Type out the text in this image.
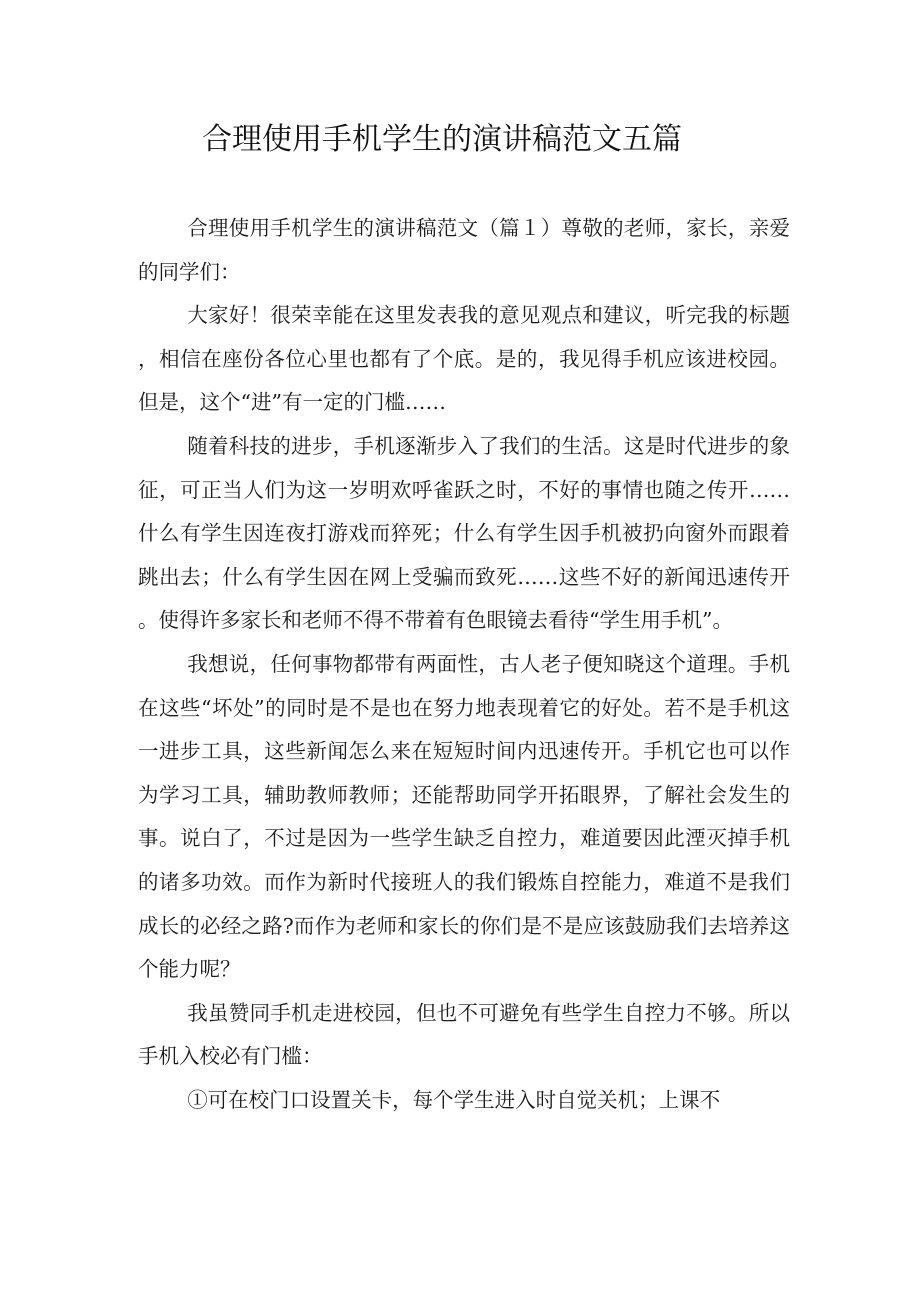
合理使用手机学生的演讲稿范文五篇

合理使用手机学生的演讲稿范文（篇１）尊敬的老师，家长，亲爱的同学们：

大家好！很荣幸能在这里发表我的意见观点和建议，听完我的标题，相信在座份各位心里也都有了个底。是的，我见得手机应该进校园。但是，这个“进”有一定的门槛……

随着科技的进步，手机逐渐步入了我们的生活。这是时代进步的象征，可正当人们为这一岁明欢呼雀跃之时，不好的事情也随之传开……什么有学生因连夜打游戏而猝死；什么有学生因手机被扔向窗外而跟着跳出去；什么有学生因在网上受骗而致死……这些不好的新闻迅速传开。使得许多家长和老师不得不带着有色眼镜去看待“学生用手机”。

我想说，任何事物都带有两面性，古人老子便知晓这个道理。手机在这些“坏处”的同时是不是也在努力地表现着它的好处。若不是手机这一进步工具，这些新闻怎么来在短短时间内迅速传开。手机它也可以作为学习工具，辅助教师教师；还能帮助同学开拓眼界，了解社会发生的事。说白了，不过是因为一些学生缺乏自控力，难道要因此湮灭掉手机的诸多功效。而作为新时代接班人的我们锻炼自控能力，难道不是我们成长的必经之路?而作为老师和家长的你们是不是应该鼓励我们去培养这个能力呢？

我虽赞同手机走进校园，但也不可避免有些学生自控力不够。所以手机入校必有门槛：

①可在校门口设置关卡，每个学生进入时自觉关机；上课不
